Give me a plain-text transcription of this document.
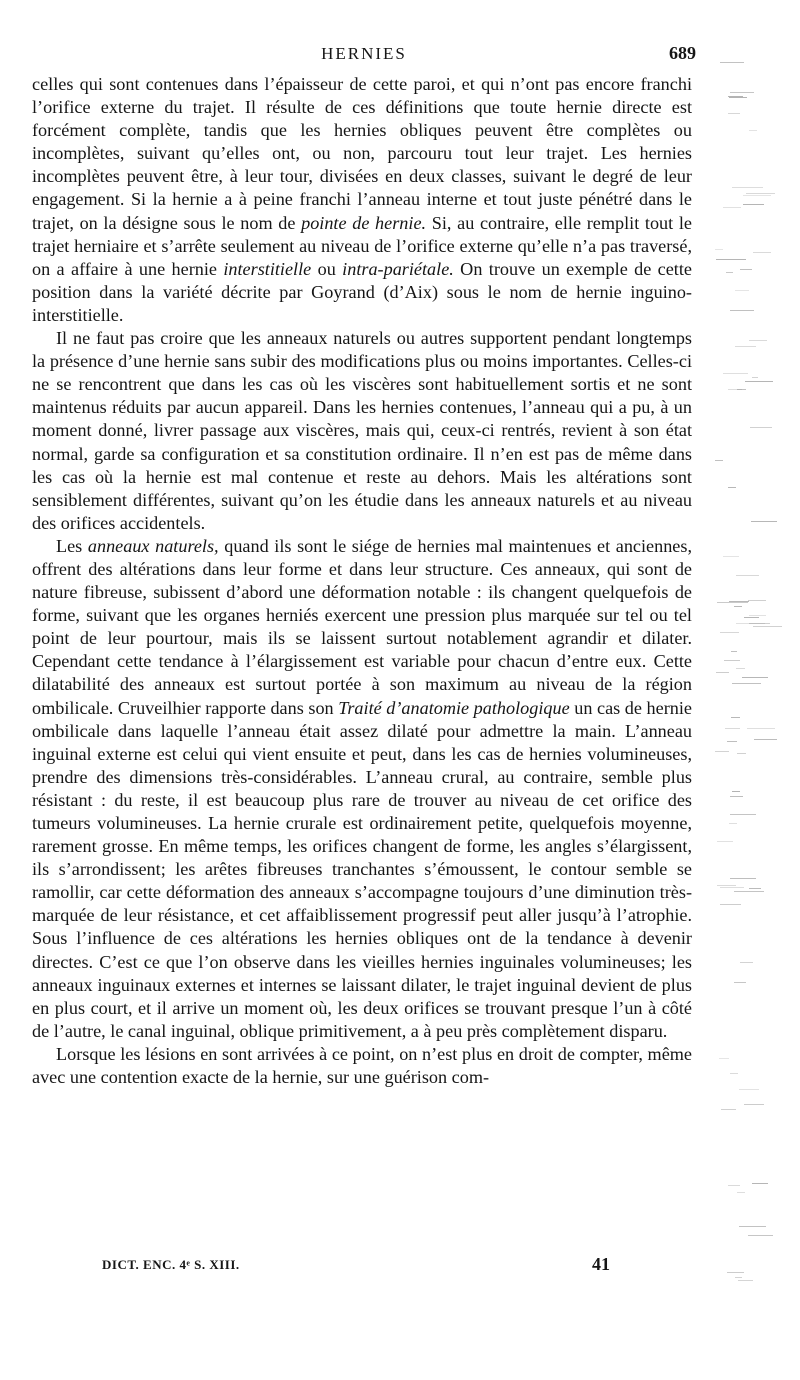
HERNIES	689

celles qui sont contenues dans l’épaisseur de cette paroi, et qui n’ont pas encore franchi l’orifice externe du trajet. Il résulte de ces définitions que toute hernie directe est forcément complète, tandis que les hernies obliques peuvent être complètes ou incomplètes, suivant qu’elles ont, ou non, parcouru tout leur trajet. Les hernies incomplètes peuvent être, à leur tour, divisées en deux classes, suivant le degré de leur engagement. Si la hernie a à peine franchi l’anneau interne et tout juste pénétré dans le trajet, on la désigne sous le nom de pointe de hernie. Si, au contraire, elle remplit tout le trajet herniaire et s’arrête seulement au niveau de l’orifice externe qu’elle n’a pas traversé, on a affaire à une hernie interstitielle ou intra-pariétale. On trouve un exemple de cette position dans la variété décrite par Goyrand (d’Aix) sous le nom de hernie inguino-interstitielle.

Il ne faut pas croire que les anneaux naturels ou autres supportent pendant longtemps la présence d’une hernie sans subir des modifications plus ou moins importantes. Celles-ci ne se rencontrent que dans les cas où les viscères sont habituellement sortis et ne sont maintenus réduits par aucun appareil. Dans les hernies contenues, l’anneau qui a pu, à un moment donné, livrer passage aux viscères, mais qui, ceux-ci rentrés, revient à son état normal, garde sa configuration et sa constitution ordinaire. Il n’en est pas de même dans les cas où la hernie est mal contenue et reste au dehors. Mais les altérations sont sensiblement différentes, suivant qu’on les étudie dans les anneaux naturels et au niveau des orifices accidentels.

Les anneaux naturels, quand ils sont le siége de hernies mal maintenues et anciennes, offrent des altérations dans leur forme et dans leur structure. Ces anneaux, qui sont de nature fibreuse, subissent d’abord une déformation notable : ils changent quelquefois de forme, suivant que les organes herniés exercent une pression plus marquée sur tel ou tel point de leur pourtour, mais ils se laissent surtout notablement agrandir et dilater. Cependant cette tendance à l’élargissement est variable pour chacun d’entre eux. Cette dilatabilité des anneaux est surtout portée à son maximum au niveau de la région ombilicale. Cruveilhier rapporte dans son Traité d’anatomie pathologique un cas de hernie ombilicale dans laquelle l’anneau était assez dilaté pour admettre la main. L’anneau inguinal externe est celui qui vient ensuite et peut, dans les cas de hernies volumineuses, prendre des dimensions très-considérables. L’anneau crural, au contraire, semble plus résistant : du reste, il est beaucoup plus rare de trouver au niveau de cet orifice des tumeurs volumineuses. La hernie crurale est ordinairement petite, quelquefois moyenne, rarement grosse. En même temps, les orifices changent de forme, les angles s’élargissent, ils s’arrondissent; les arêtes fibreuses tranchantes s’émoussent, le contour semble se ramollir, car cette déformation des anneaux s’accompagne toujours d’une diminution très-marquée de leur résistance, et cet affaiblissement progressif peut aller jusqu’à l’atrophie. Sous l’influence de ces altérations les hernies obliques ont de la tendance à devenir directes. C’est ce que l’on observe dans les vieilles hernies inguinales volumineuses; les anneaux inguinaux externes et internes se laissant dilater, le trajet inguinal devient de plus en plus court, et il arrive un moment où, les deux orifices se trouvant presque l’un à côté de l’autre, le canal inguinal, oblique primitivement, a à peu près complètement disparu.

Lorsque les lésions en sont arrivées à ce point, on n’est plus en droit de compter, même avec une contention exacte de la hernie, sur une guérison com-

DICT. ENC. 4ᵉ S. XIII.	41
